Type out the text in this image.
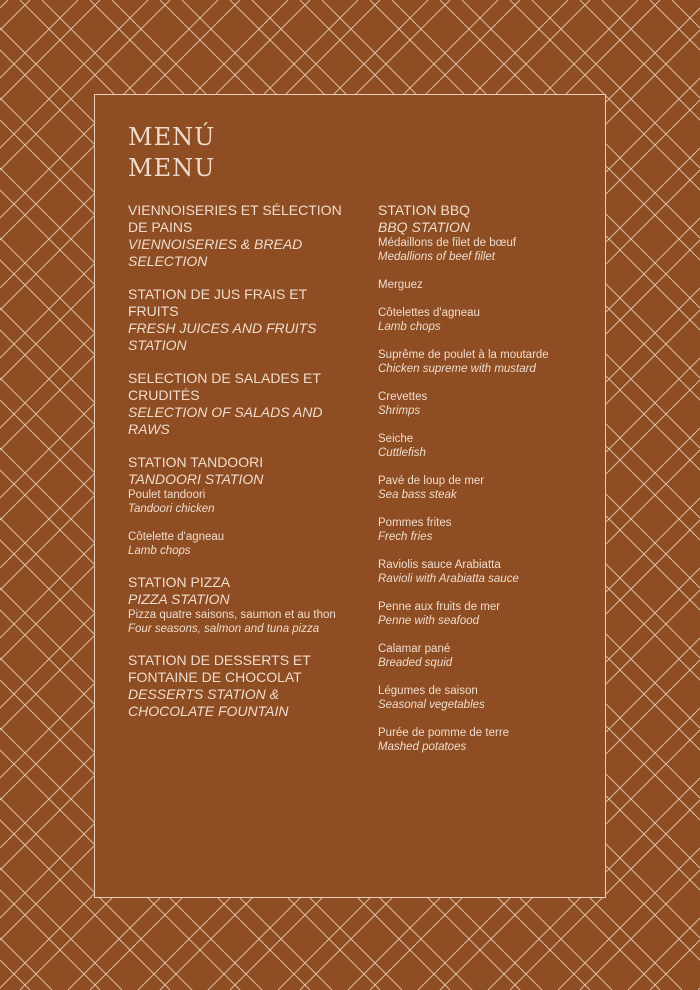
MENÚ
MENU
VIENNOISERIES ET SÉLECTION DE PAINS
VIENNOISERIES & BREAD SELECTION
STATION DE JUS FRAIS ET FRUITS
FRESH JUICES AND FRUITS STATION
SELECTION DE SALADES ET CRUDITÉS
SELECTION OF SALADS AND RAWS
STATION TANDOORI
TANDOORI STATION
Poulet tandoori
Tandoori chicken
Côtelette d'agneau
Lamb chops
STATION PIZZA
PIZZA STATION
Pizza quatre saisons, saumon et au thon
Four seasons, salmon and tuna pizza
STATION DE DESSERTS ET FONTAINE DE CHOCOLAT
DESSERTS STATION & CHOCOLATE FOUNTAIN
STATION BBQ
BBQ STATION
Médaillons de filet de bœuf
Medallions of beef fillet
Merguez
Côtelettes d'agneau
Lamb chops
Suprême de poulet à la moutarde
Chicken supreme with mustard
Crevettes
Shrimps
Seiche
Cuttlefish
Pavé de loup de mer
Sea bass steak
Pommes frites
Frech fries
Raviolis sauce Arabiatta
Ravioli with Arabiatta sauce
Penne aux fruits de mer
Penne with seafood
Calamar pané
Breaded squid
Légumes de saison
Seasonal vegetables
Purée de pomme de terre
Mashed potatoes
